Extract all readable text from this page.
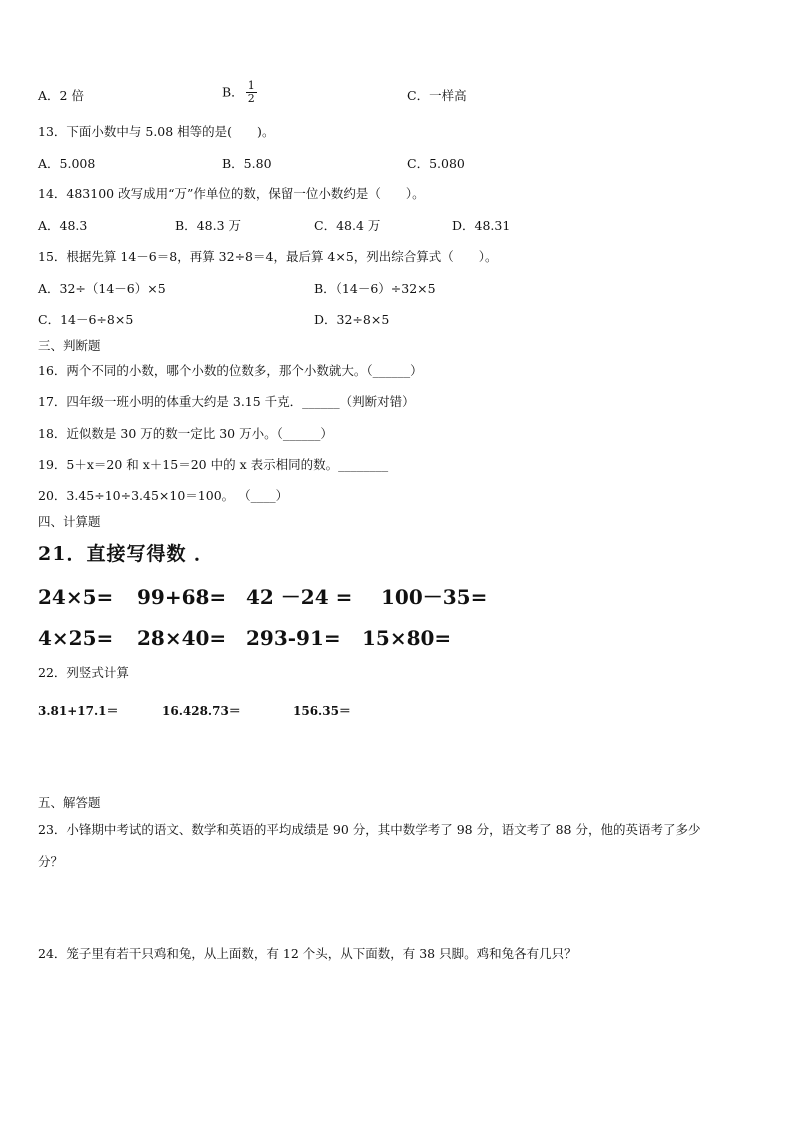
A．2 倍	B． $\frac{1}{2}$	C．一样高
13．下面小数中与 5.08 相等的是(　　)。
A．5.008	B．5.80	C．5.080
14．483100 改写成用“万”作单位的数，保留一位小数约是（　　）。
A．48.3	B．48.3 万	C．48.4 万	D．48.31
15．根据先算 14－6＝8，再算 32÷8＝4，最后算 4×5，列出综合算式（　　）。
A．32÷（14－6）×5	B．（14－6）÷32×5
C．14－6÷8×5	D．32÷8×5
三、判断题
16．两个不同的小数，哪个小数的位数多，那个小数就大。（______）
17．四年级一班小明的体重大约是 3.15 千克．______（判断对错）
18．近似数是 30 万的数一定比 30 万小。（______）
19．5＋x＝20 和 x＋15＝20 中的 x 表示相同的数。________
20．3.45÷10÷3.45×10＝100。 （____）
四、计算题
21．直接写得数 ．
24×5= 99+68= 42 －24 = 100－35=
4×25= 28×40= 293-91= 15×80=
22．列竖式计算
3.81+17.1＝	16.428.73＝	156.35＝
五、解答题
23．小锋期中考试的语文、数学和英语的平均成绩是 90 分，其中数学考了 98 分，语文考了 88 分，他的英语考了多少
分？
24．笼子里有若干只鸡和兔，从上面数，有 12 个头，从下面数，有 38 只脚。鸡和兔各有几只？
